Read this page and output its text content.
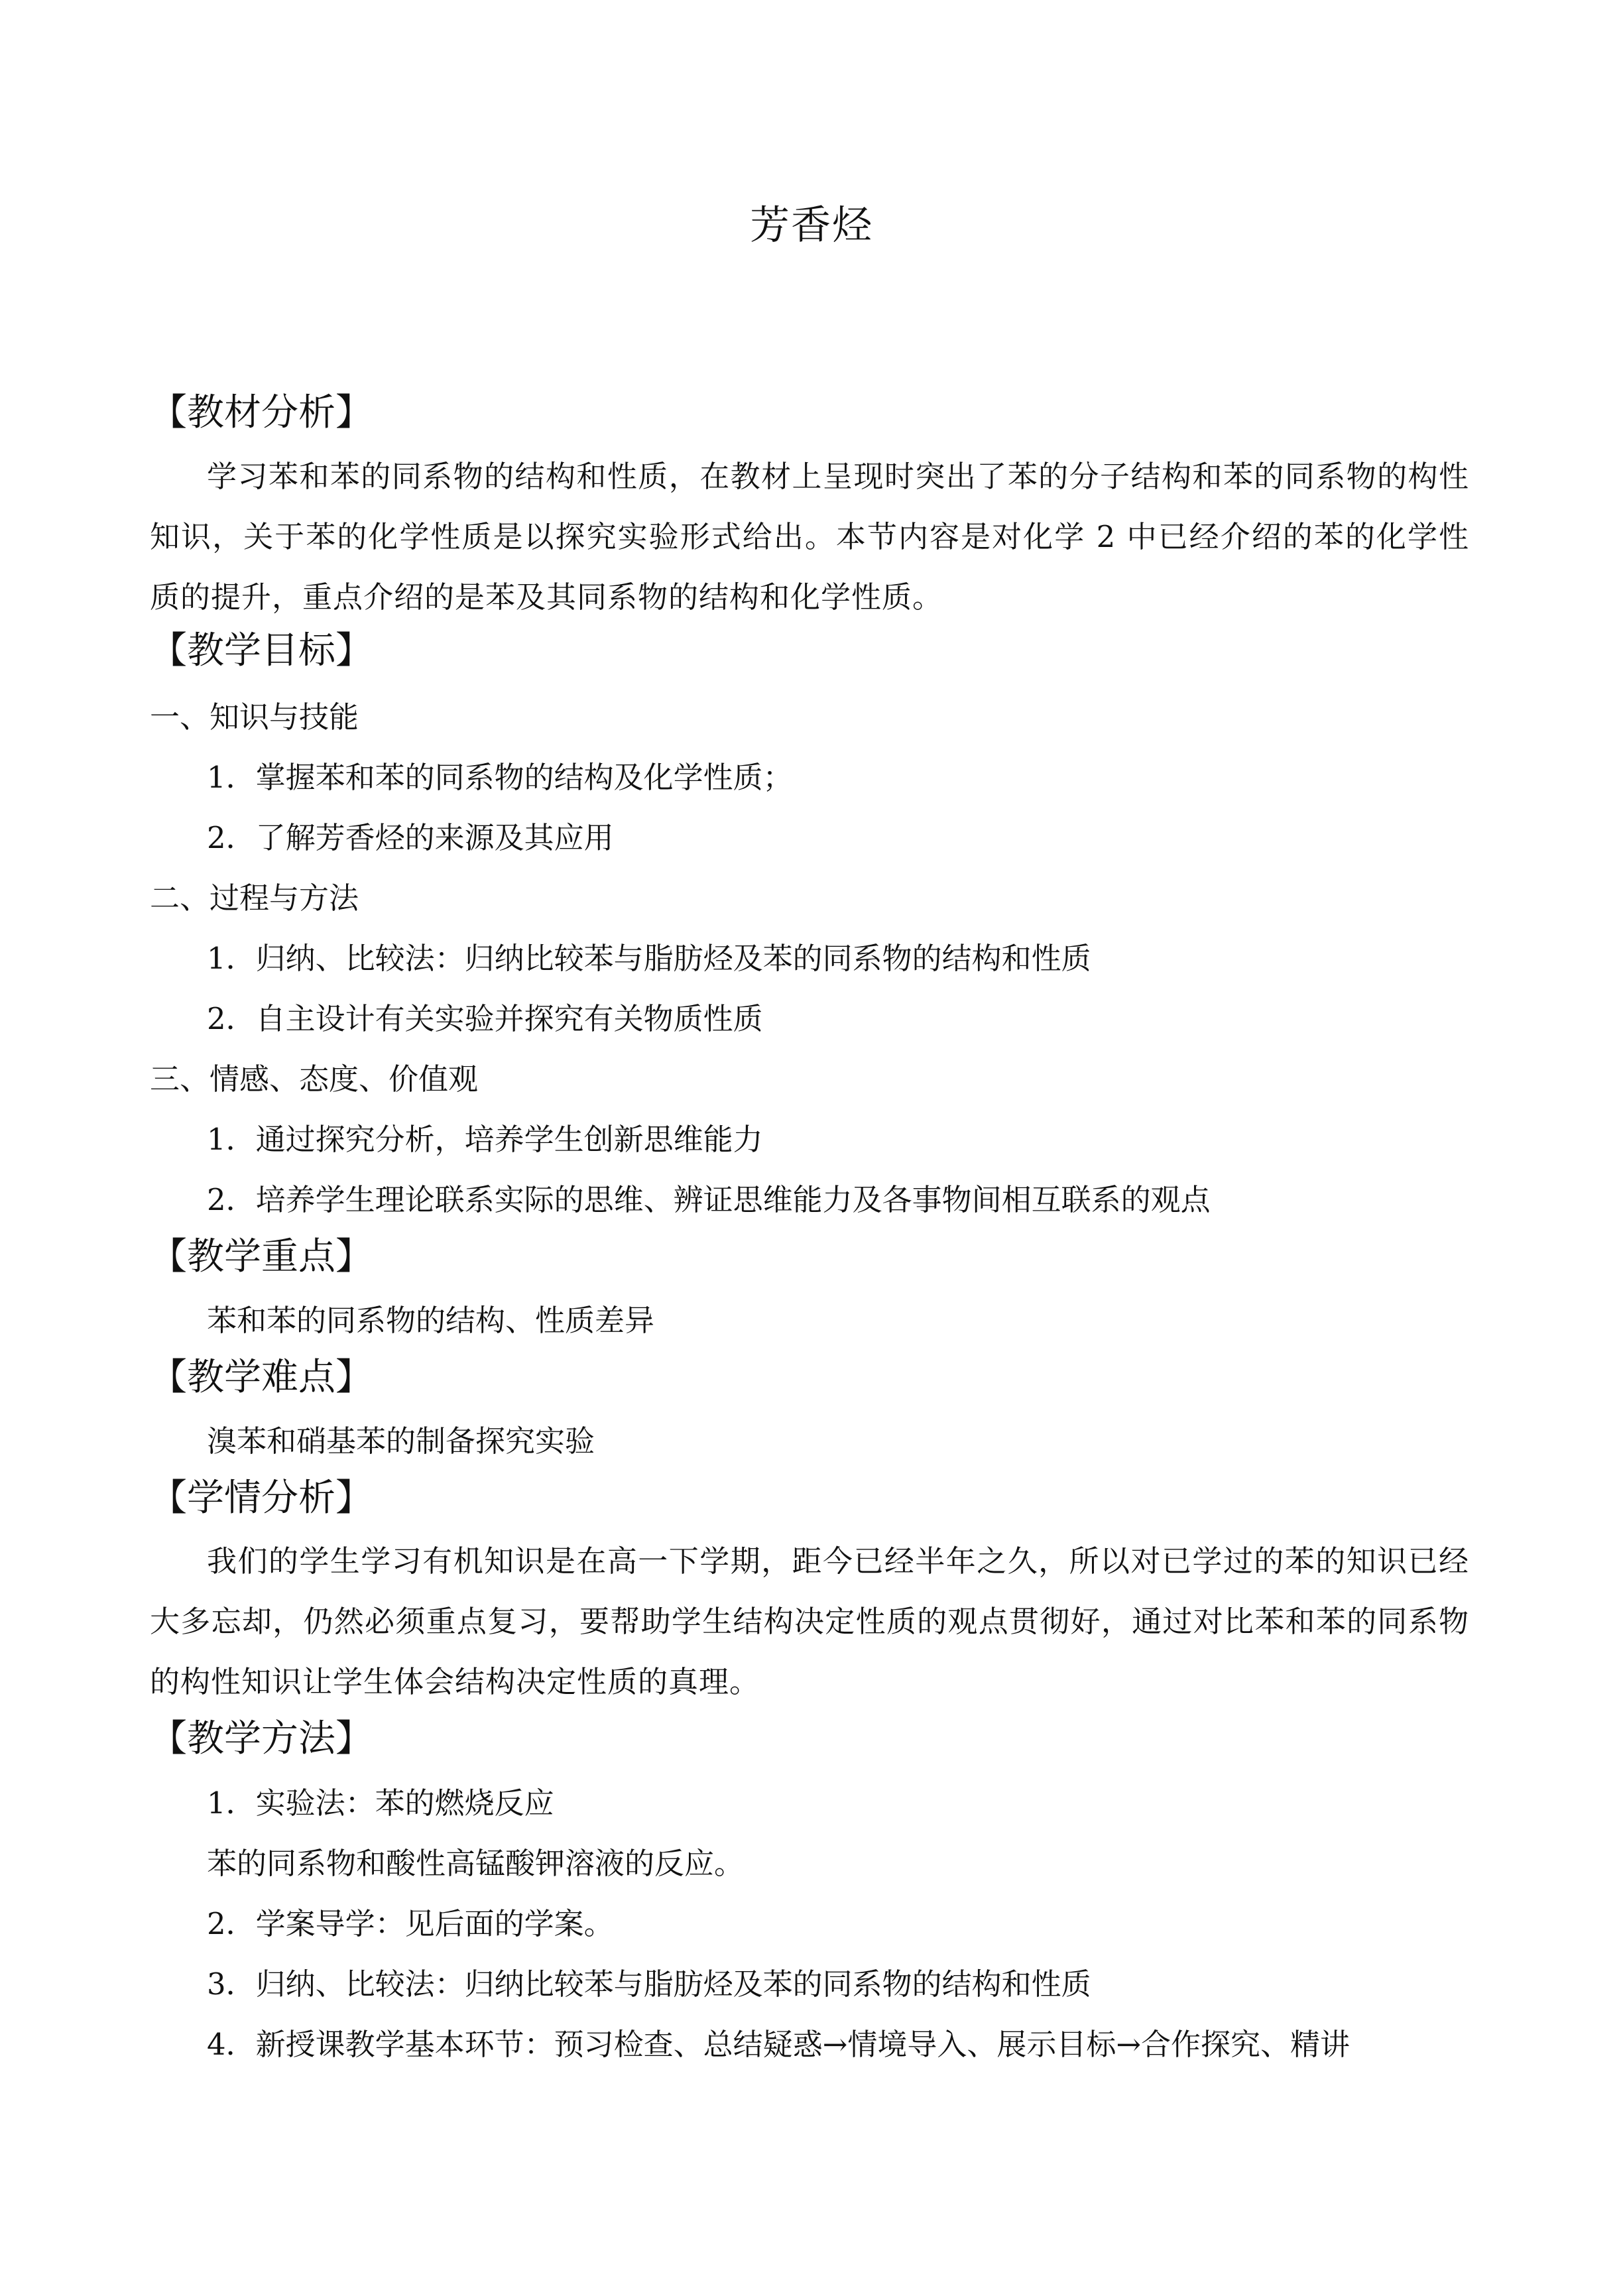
芳香烃
【教材分析】
学习苯和苯的同系物的结构和性质，在教材上呈现时突出了苯的分子结构和苯的同系物的构性知识，关于苯的化学性质是以探究实验形式给出。本节内容是对化学 2 中已经介绍的苯的化学性质的提升，重点介绍的是苯及其同系物的结构和化学性质。
【教学目标】
一、知识与技能
1．掌握苯和苯的同系物的结构及化学性质；
2．了解芳香烃的来源及其应用
二、过程与方法
1．归纳、比较法：归纳比较苯与脂肪烃及苯的同系物的结构和性质
2．自主设计有关实验并探究有关物质性质
三、情感、态度、价值观
1．通过探究分析，培养学生创新思维能力
2．培养学生理论联系实际的思维、辨证思维能力及各事物间相互联系的观点
【教学重点】
苯和苯的同系物的结构、性质差异
【教学难点】
溴苯和硝基苯的制备探究实验
【学情分析】
我们的学生学习有机知识是在高一下学期，距今已经半年之久，所以对已学过的苯的知识已经大多忘却，仍然必须重点复习，要帮助学生结构决定性质的观点贯彻好，通过对比苯和苯的同系物的构性知识让学生体会结构决定性质的真理。
【教学方法】
1．实验法：苯的燃烧反应
苯的同系物和酸性高锰酸钾溶液的反应。
2．学案导学：见后面的学案。
3．归纳、比较法：归纳比较苯与脂肪烃及苯的同系物的结构和性质
4．新授课教学基本环节：预习检查、总结疑惑→情境导入、展示目标→合作探究、精讲
